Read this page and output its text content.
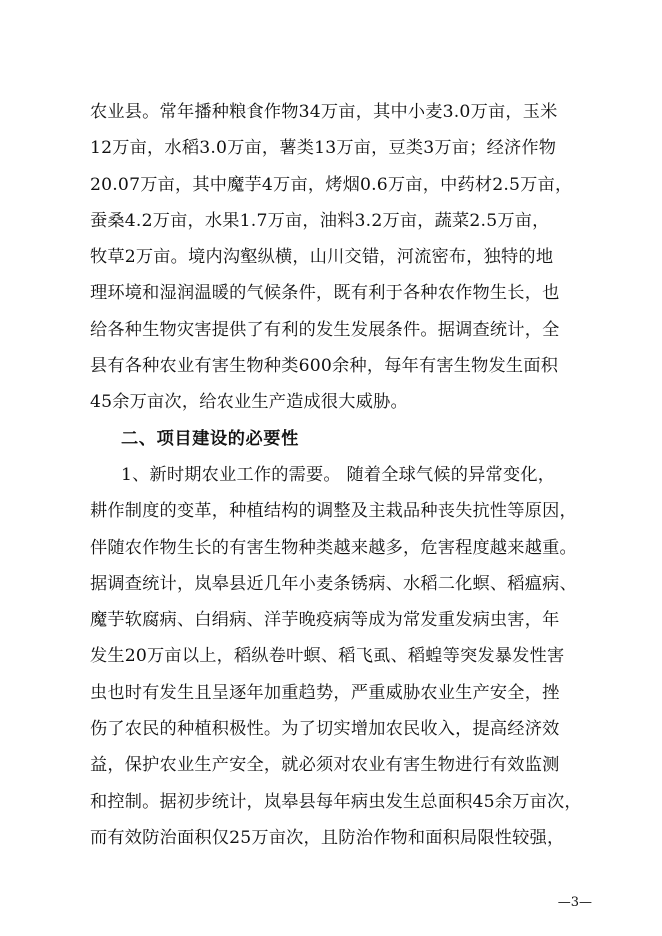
农业县。常年播种粮食作物34万亩，其中小麦3.0万亩，玉米
12万亩，水稻3.0万亩，薯类13万亩，豆类3万亩；经济作物
20.07万亩，其中魔芋4万亩，烤烟0.6万亩，中药材2.5万亩，
蚕桑4.2万亩，水果1.7万亩，油料3.2万亩，蔬菜2.5万亩，
牧草2万亩。境内沟壑纵横，山川交错，河流密布，独特的地
理环境和湿润温暖的气候条件，既有利于各种农作物生长，也
给各种生物灾害提供了有利的发生发展条件。据调查统计，全
县有各种农业有害生物种类600余种，每年有害生物发生面积
45余万亩次，给农业生产造成很大威胁。
二、项目建设的必要性
1、新时期农业工作的需要。 随着全球气候的异常变化，
耕作制度的变革，种植结构的调整及主栽品种丧失抗性等原因，
伴随农作物生长的有害生物种类越来越多，危害程度越来越重。
据调查统计，岚皋县近几年小麦条锈病、水稻二化螟、稻瘟病、
魔芋软腐病、白绢病、洋芋晚疫病等成为常发重发病虫害，年
发生20万亩以上，稻纵卷叶螟、稻飞虱、稻蝗等突发暴发性害
虫也时有发生且呈逐年加重趋势，严重威胁农业生产安全，挫
伤了农民的种植积极性。为了切实增加农民收入，提高经济效
益，保护农业生产安全，就必须对农业有害生物进行有效监测
和控制。据初步统计，岚皋县每年病虫发生总面积45余万亩次，
而有效防治面积仅25万亩次，且防治作物和面积局限性较强，
—3—
